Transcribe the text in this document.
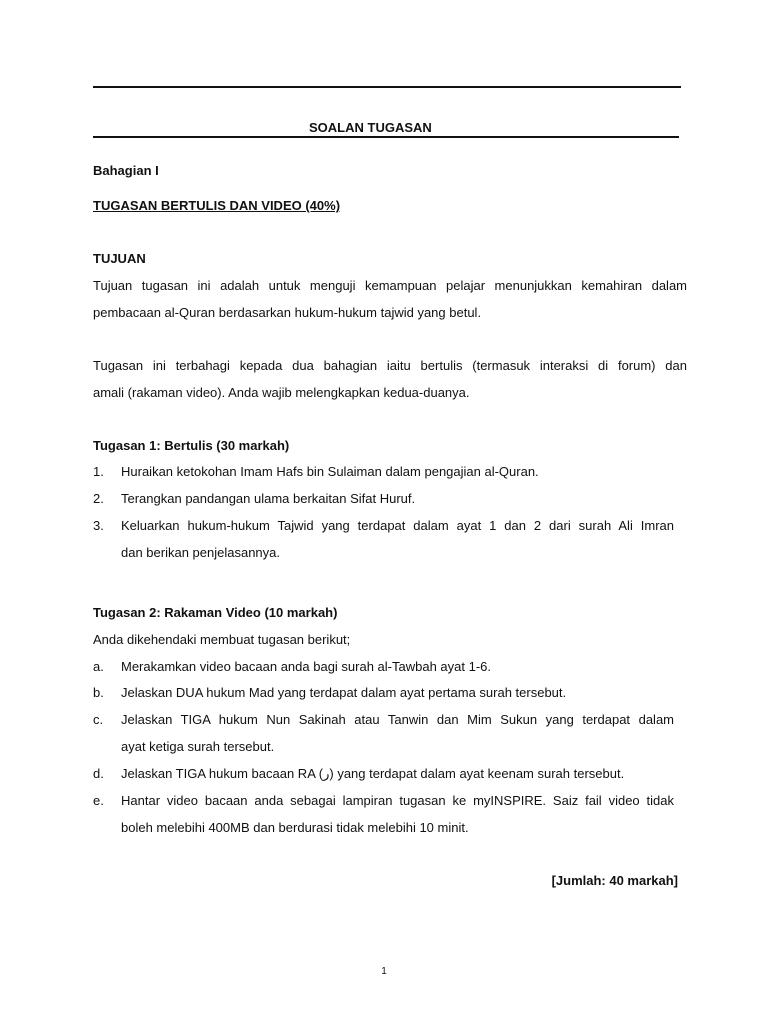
SOALAN TUGASAN
Bahagian I
TUGASAN BERTULIS DAN VIDEO (40%)
TUJUAN
Tujuan tugasan ini adalah untuk menguji kemampuan pelajar menunjukkan kemahiran dalam
pembacaan al-Quran berdasarkan hukum-hukum tajwid yang betul.
Tugasan ini terbahagi kepada dua bahagian iaitu bertulis (termasuk interaksi di forum) dan
amali (rakaman video). Anda wajib melengkapkan kedua-duanya.
Tugasan 1: Bertulis (30 markah)
1. Huraikan ketokohan Imam Hafs bin Sulaiman dalam pengajian al-Quran.
2. Terangkan pandangan ulama berkaitan Sifat Huruf.
3. Keluarkan hukum-hukum Tajwid yang terdapat dalam ayat 1 dan 2 dari surah Ali Imran
dan berikan penjelasannya.
Tugasan 2: Rakaman Video (10 markah)
Anda dikehendaki membuat tugasan berikut;
a. Merakamkan video bacaan anda bagi surah al-Tawbah ayat 1-6.
b. Jelaskan DUA hukum Mad yang terdapat dalam ayat pertama surah tersebut.
c. Jelaskan TIGA hukum Nun Sakinah atau Tanwin dan Mim Sukun yang terdapat dalam
ayat ketiga surah tersebut.
d. Jelaskan TIGA hukum bacaan RA (ر) yang terdapat dalam ayat keenam surah tersebut.
e. Hantar video bacaan anda sebagai lampiran tugasan ke myINSPIRE. Saiz fail video tidak
boleh melebihi 400MB dan berdurasi tidak melebihi 10 minit.
[Jumlah: 40 markah]
1
